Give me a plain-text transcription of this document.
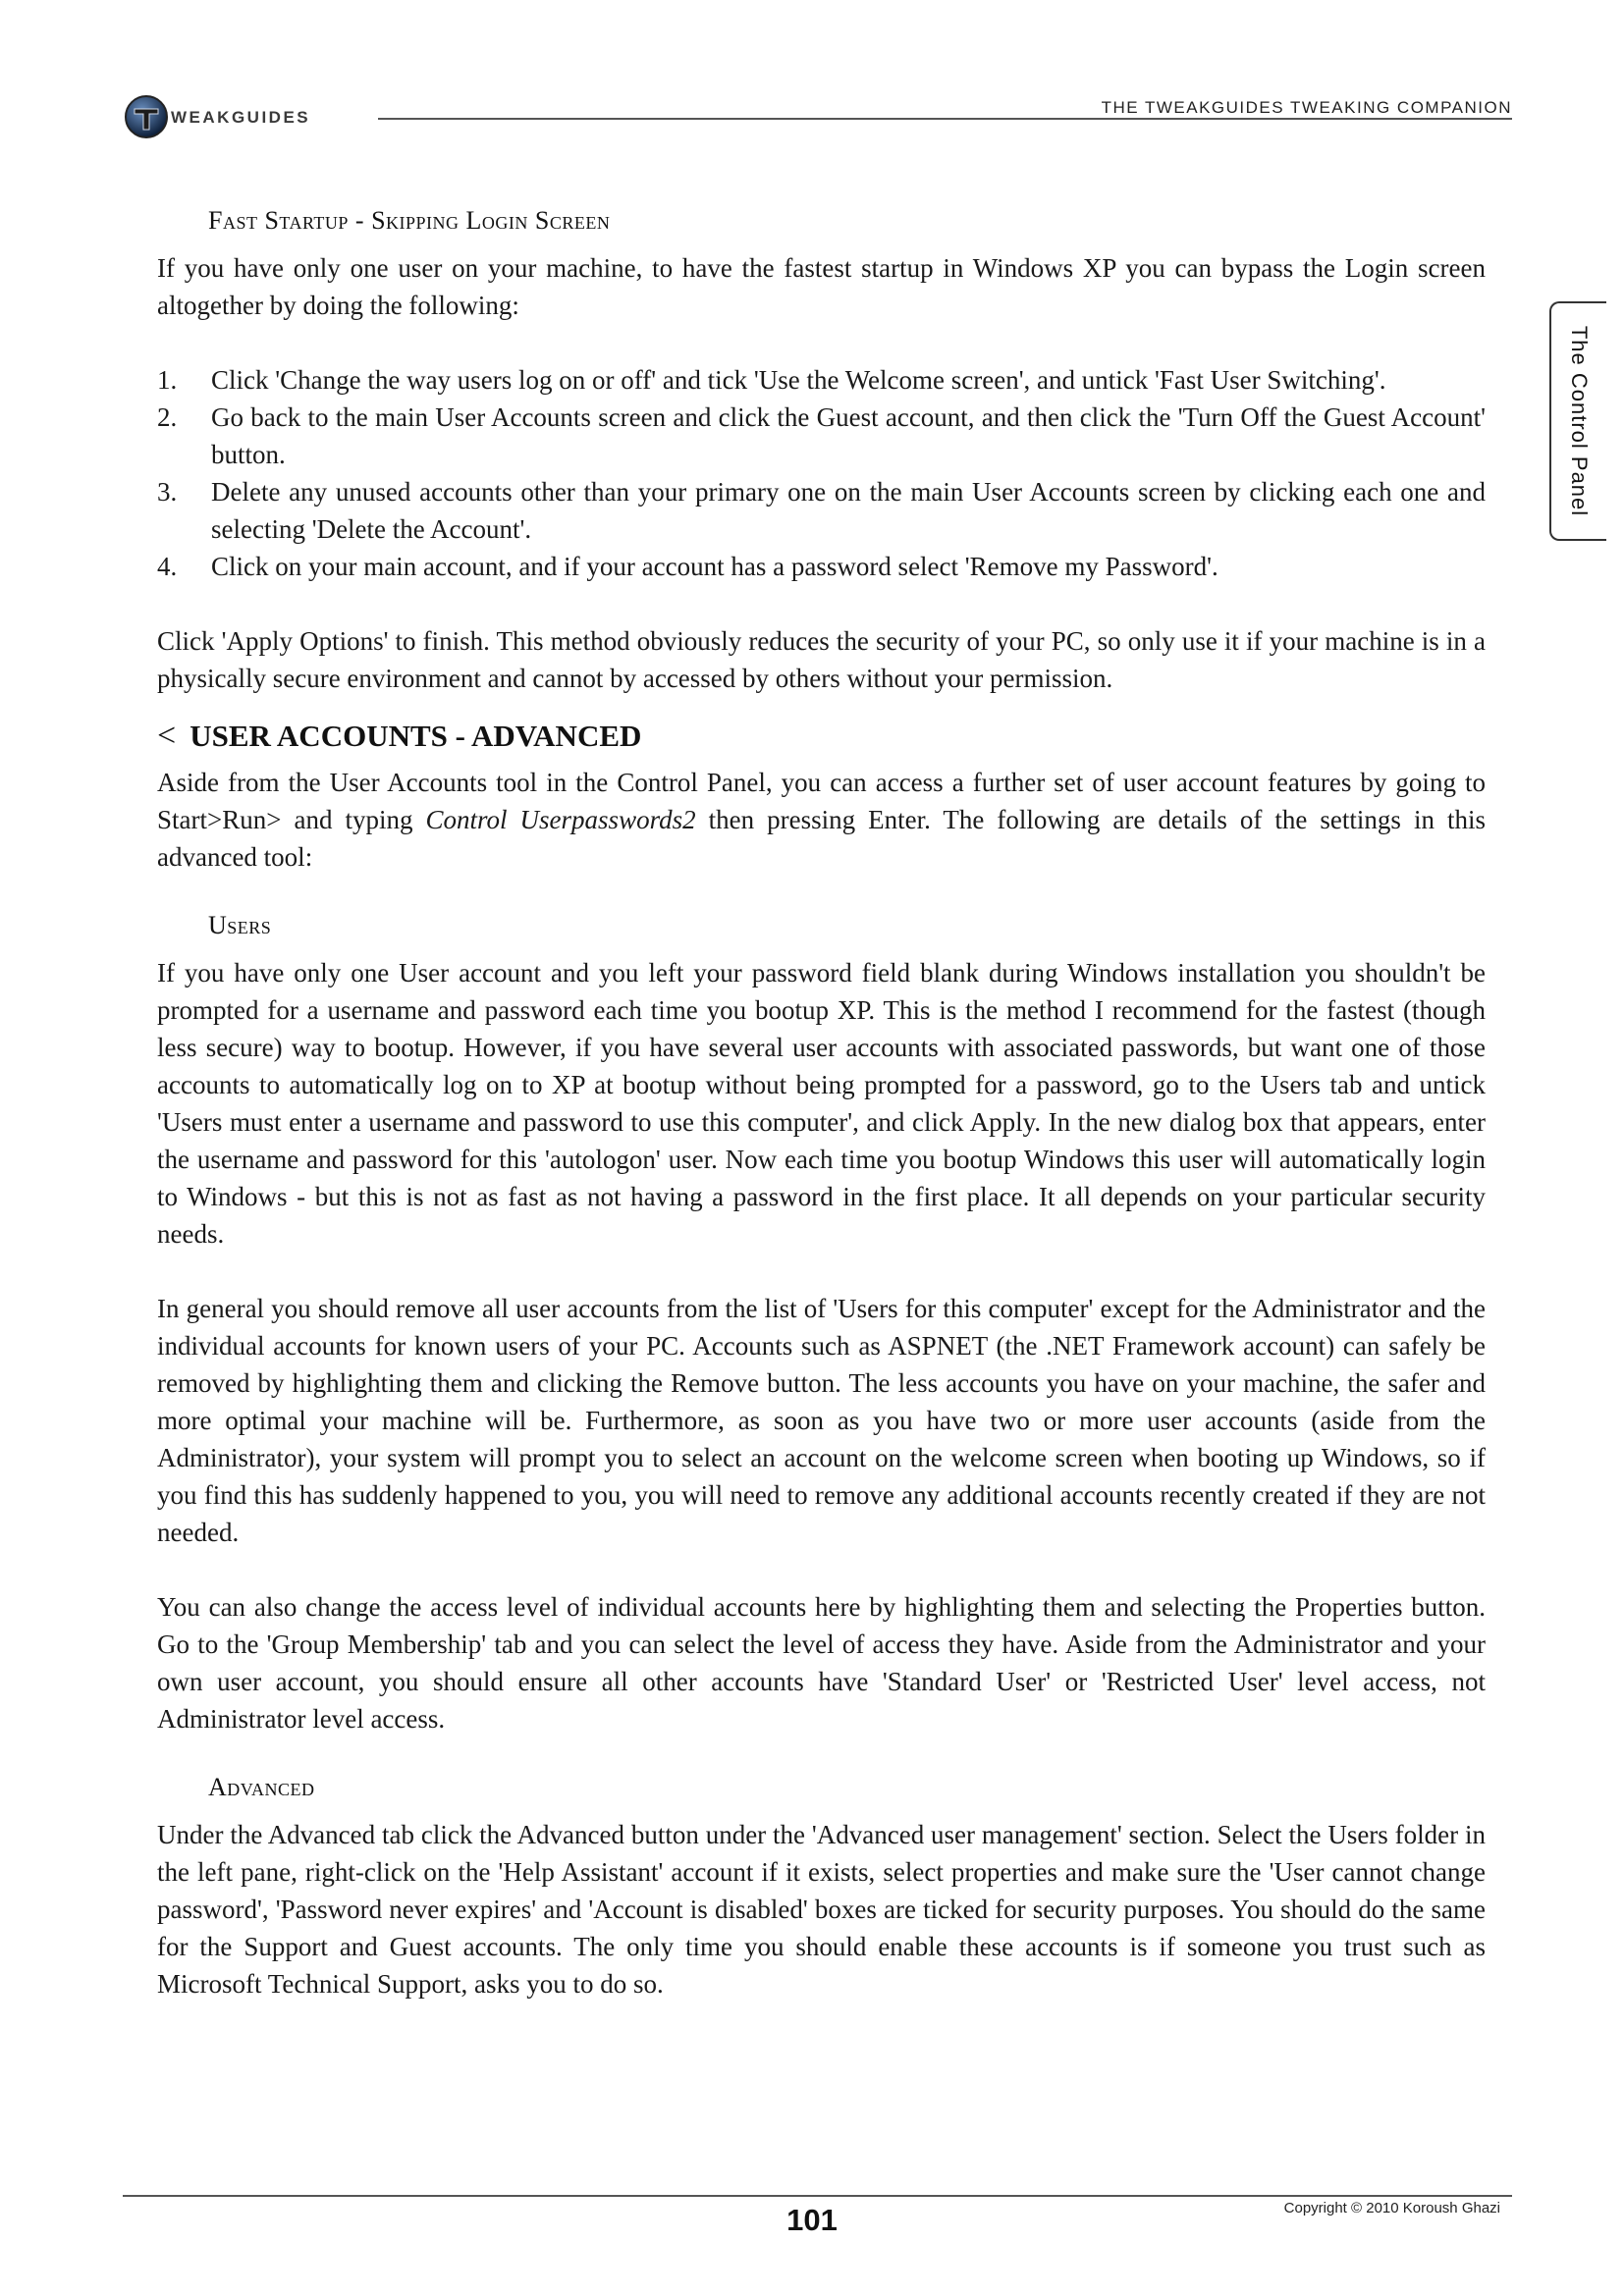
WEAKGUIDES
THE TWEAKGUIDES TWEAKING COMPANION
The Control Panel
Fast Startup - Skipping Login Screen

If you have only one user on your machine, to have the fastest startup in Windows XP you can bypass the Login screen altogether by doing the following:

1. Click 'Change the way users log on or off' and tick 'Use the Welcome screen', and untick 'Fast User Switching'.
2. Go back to the main User Accounts screen and click the Guest account, and then click the 'Turn Off the Guest Account' button.
3. Delete any unused accounts other than your primary one on the main User Accounts screen by clicking each one and selecting 'Delete the Account'.
4. Click on your main account, and if your account has a password select 'Remove my Password'.

Click 'Apply Options' to finish. This method obviously reduces the security of your PC, so only use it if your machine is in a physically secure environment and cannot by accessed by others without your permission.

< USER ACCOUNTS - ADVANCED

Aside from the User Accounts tool in the Control Panel, you can access a further set of user account features by going to Start>Run> and typing Control Userpasswords2 then pressing Enter. The following are details of the settings in this advanced tool:

Users

If you have only one User account and you left your password field blank during Windows installation you shouldn't be prompted for a username and password each time you bootup XP. This is the method I recommend for the fastest (though less secure) way to bootup. However, if you have several user accounts with associated passwords, but want one of those accounts to automatically log on to XP at bootup without being prompted for a password, go to the Users tab and untick 'Users must enter a username and password to use this computer', and click Apply. In the new dialog box that appears, enter the username and password for this 'autologon' user. Now each time you bootup Windows this user will automatically login to Windows - but this is not as fast as not having a password in the first place. It all depends on your particular security needs.

In general you should remove all user accounts from the list of 'Users for this computer' except for the Administrator and the individual accounts for known users of your PC. Accounts such as ASPNET (the .NET Framework account) can safely be removed by highlighting them and clicking the Remove button. The less accounts you have on your machine, the safer and more optimal your machine will be. Furthermore, as soon as you have two or more user accounts (aside from the Administrator), your system will prompt you to select an account on the welcome screen when booting up Windows, so if you find this has suddenly happened to you, you will need to remove any additional accounts recently created if they are not needed.

You can also change the access level of individual accounts here by highlighting them and selecting the Properties button. Go to the 'Group Membership' tab and you can select the level of access they have. Aside from the Administrator and your own user account, you should ensure all other accounts have 'Standard User' or 'Restricted User' level access, not Administrator level access.

Advanced

Under the Advanced tab click the Advanced button under the 'Advanced user management' section. Select the Users folder in the left pane, right-click on the 'Help Assistant' account if it exists, select properties and make sure the 'User cannot change password', 'Password never expires' and 'Account is disabled' boxes are ticked for security purposes. You should do the same for the Support and Guest accounts. The only time you should enable these accounts is if someone you trust such as Microsoft Technical Support, asks you to do so.

Copyright © 2010 Koroush Ghazi
101
